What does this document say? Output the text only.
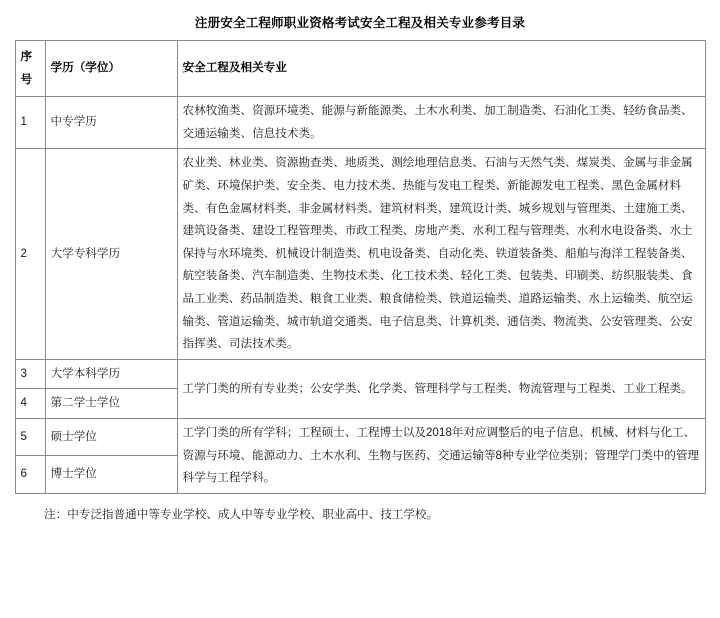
注册安全工程师职业资格考试安全工程及相关专业参考目录
序号	学历（学位）	安全工程及相关专业
1	中专学历	农林牧渔类、资源环境类、能源与新能源类、土木水利类、加工制造类、石油化工类、轻纺食品类、交通运输类、信息技术类。
2	大学专科学历	农业类、林业类、资源勘查类、地质类、测绘地理信息类、石油与天然气类、煤炭类、金属与非金属矿类、环境保护类、安全类、电力技术类、热能与发电工程类、新能源发电工程类、黑色金属材料类、有色金属材料类、非金属材料类、建筑材料类、建筑设计类、城乡规划与管理类、土建施工类、建筑设备类、建设工程管理类、市政工程类、房地产类、水利工程与管理类、水利水电设备类、水土保持与水环境类、机械设计制造类、机电设备类、自动化类、铁道装备类、船舶与海洋工程装备类、航空装备类、汽车制造类、生物技术类、化工技术类、轻化工类、包装类、印刷类、纺织服装类、食品工业类、药品制造类、粮食工业类、粮食储检类、铁道运输类、道路运输类、水上运输类、航空运输类、管道运输类、城市轨道交通类、电子信息类、计算机类、通信类、物流类、公安管理类、公安指挥类、司法技术类。
3	大学本科学历	工学门类的所有专业类；公安学类、化学类、管理科学与工程类、物流管理与工程类、工业工程类。
4	第二学士学位	
5	硕士学位	工学门类的所有学科；工程硕士、工程博士以及2018年对应调整后的电子信息、机械、材料与化工、资源与环境、能源动力、土木水利、生物与医药、交通运输等8种专业学位类别；管理学门类中的管理科学与工程学科。
6	博士学位	
注：中专泛指普通中等专业学校、成人中等专业学校、职业高中、技工学校。
